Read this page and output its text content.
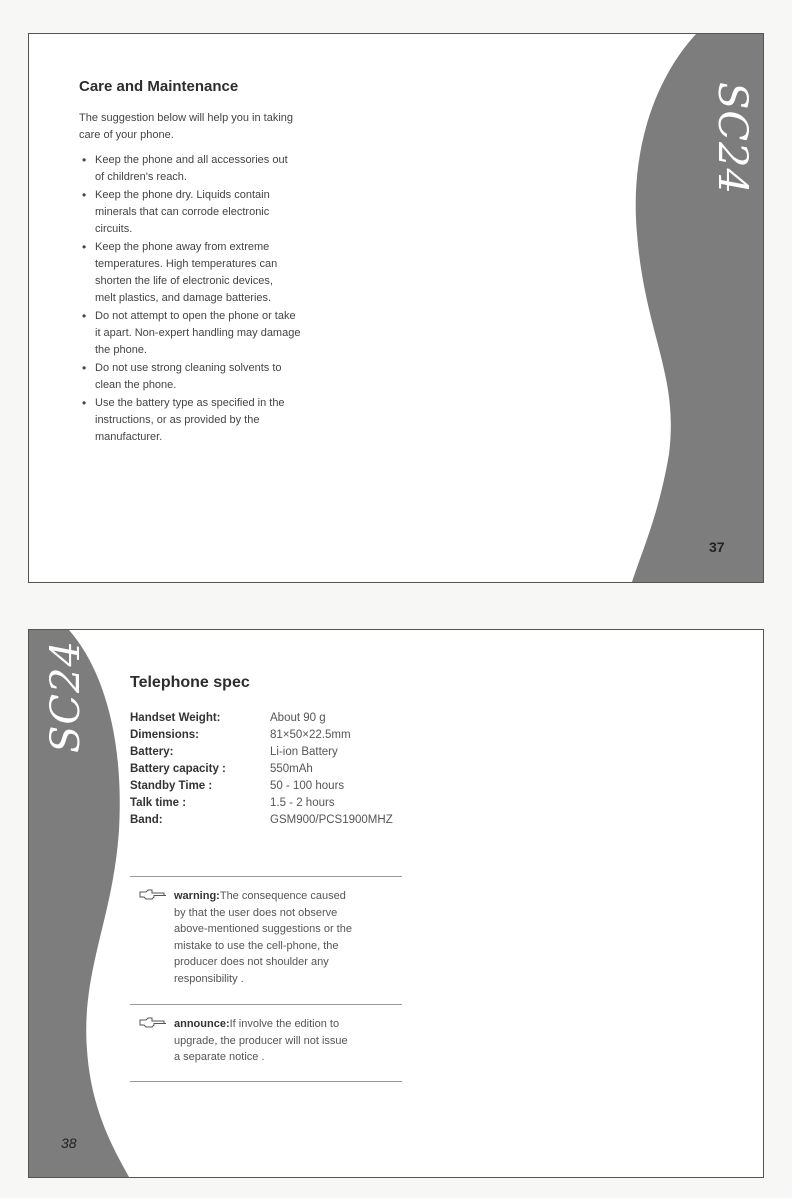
SC24
Care and Maintenance
The suggestion below will help you in taking
care of your phone.
• Keep the phone and all accessories out
of children's reach.
• Keep the phone dry. Liquids contain
minerals that can corrode electronic
circuits.
• Keep the phone away from extreme
temperatures. High temperatures can
shorten the life of electronic devices,
melt plastics, and damage batteries.
• Do not attempt to open the phone or take
it apart. Non-expert handling may damage
the phone.
• Do not use strong cleaning solvents to
clean the phone.
• Use the battery type as specified in the
instructions, or as provided by the
manufacturer.
37
SC24	Telephone spec
Handset Weight:	About 90 g
Dimensions:	81×50×22.5mm
Battery:	Li-ion Battery
Battery capacity :	550mAh
Standby Time :	50 - 100 hours
Talk time :	1.5 - 2 hours
Band:	GSM900/PCS1900MHZ
warning:The consequence caused
by that the user does not observe
above-mentioned suggestions or the
mistake to use the cell-phone, the
producer does not shoulder any
responsibility .
announce:If involve the edition to
upgrade, the producer will not issue
a separate notice .
38
